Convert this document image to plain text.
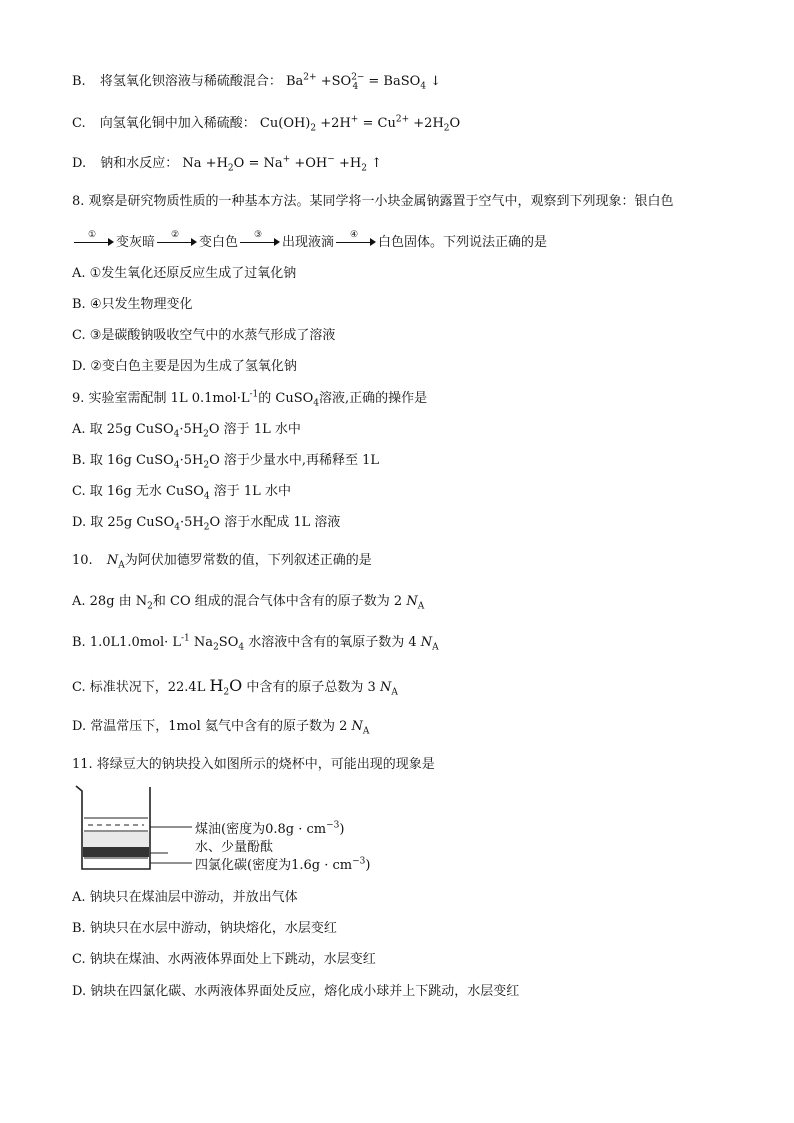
B. 将氢氧化钡溶液与稀硫酸混合： $Ba^{2+} +SO^{2-}_4$ = BaSO$_4$ ↓
C. 向氢氧化铜中加入稀硫酸： $Cu(OH)_2 +2H^+ = Cu^{2+} +2H_2O$
D. 钠和水反应： $Na +H_2O = Na^+ +OH^- +H_2$ ↑
8. 观察是研究物质性质的一种基本方法。某同学将一小块金属钠露置于空气中，观察到下列现象：银白色
①	变灰暗	②	变白色	③	出现液滴	④	白色固体。下列说法正确的是
A. ①发生氧化还原反应生成了过氧化钠
B. ④只发生物理变化
C. ③是碳酸钠吸收空气中的水蒸气形成了溶液
D. ②变白色主要是因为生成了氢氧化钠
9. 实验室需配制 1L $0.1mol\cdot L^{-1}$的 CuSO$_4$溶液,正确的操作是
A. 取 25g $CuSO_4\cdot 5H_2O$ 溶于 1L 水中
B. 取 16g $CuSO_4\cdot 5H_2O$ 溶于少量水中,再稀释至 1L
C. 取 16g 无水 CuSO$_4$ 溶于 1L 水中
D. 取 25g $CuSO_4\cdot 5H_2O$ 溶于水配成 1L 溶液
10. $N_A$为阿伏加德罗常数的值，下列叙述正确的是
A. 28g 由 $N_2$和 CO 组成的混合气体中含有的原子数为 2 $N_A$
B. $1.0L1.0mol\cdot L^{-1}$ $Na_2SO_4$ 水溶液中含有的氧原子数为 4 $N_A$
C. 标准状况下，22.4L $H_2O$ 中含有的原子总数为 3 $N_A$
D. 常温常压下，1mol 氦气中含有的原子数为 2 $N_A$
11. 将绿豆大的钠块投入如图所示的烧杯中，可能出现的现象是
煤油(密度为$0.8g \cdot cm^{-3}$)
水、少量酚酞
四氯化碳(密度为$1.6g \cdot cm^{-3}$)
A. 钠块只在煤油层中游动，并放出气体
B. 钠块只在水层中游动，钠块熔化，水层变红
C. 钠块在煤油、水两液体界面处上下跳动，水层变红
D. 钠块在四氯化碳、水两液体界面处反应，熔化成小球并上下跳动，水层变红
